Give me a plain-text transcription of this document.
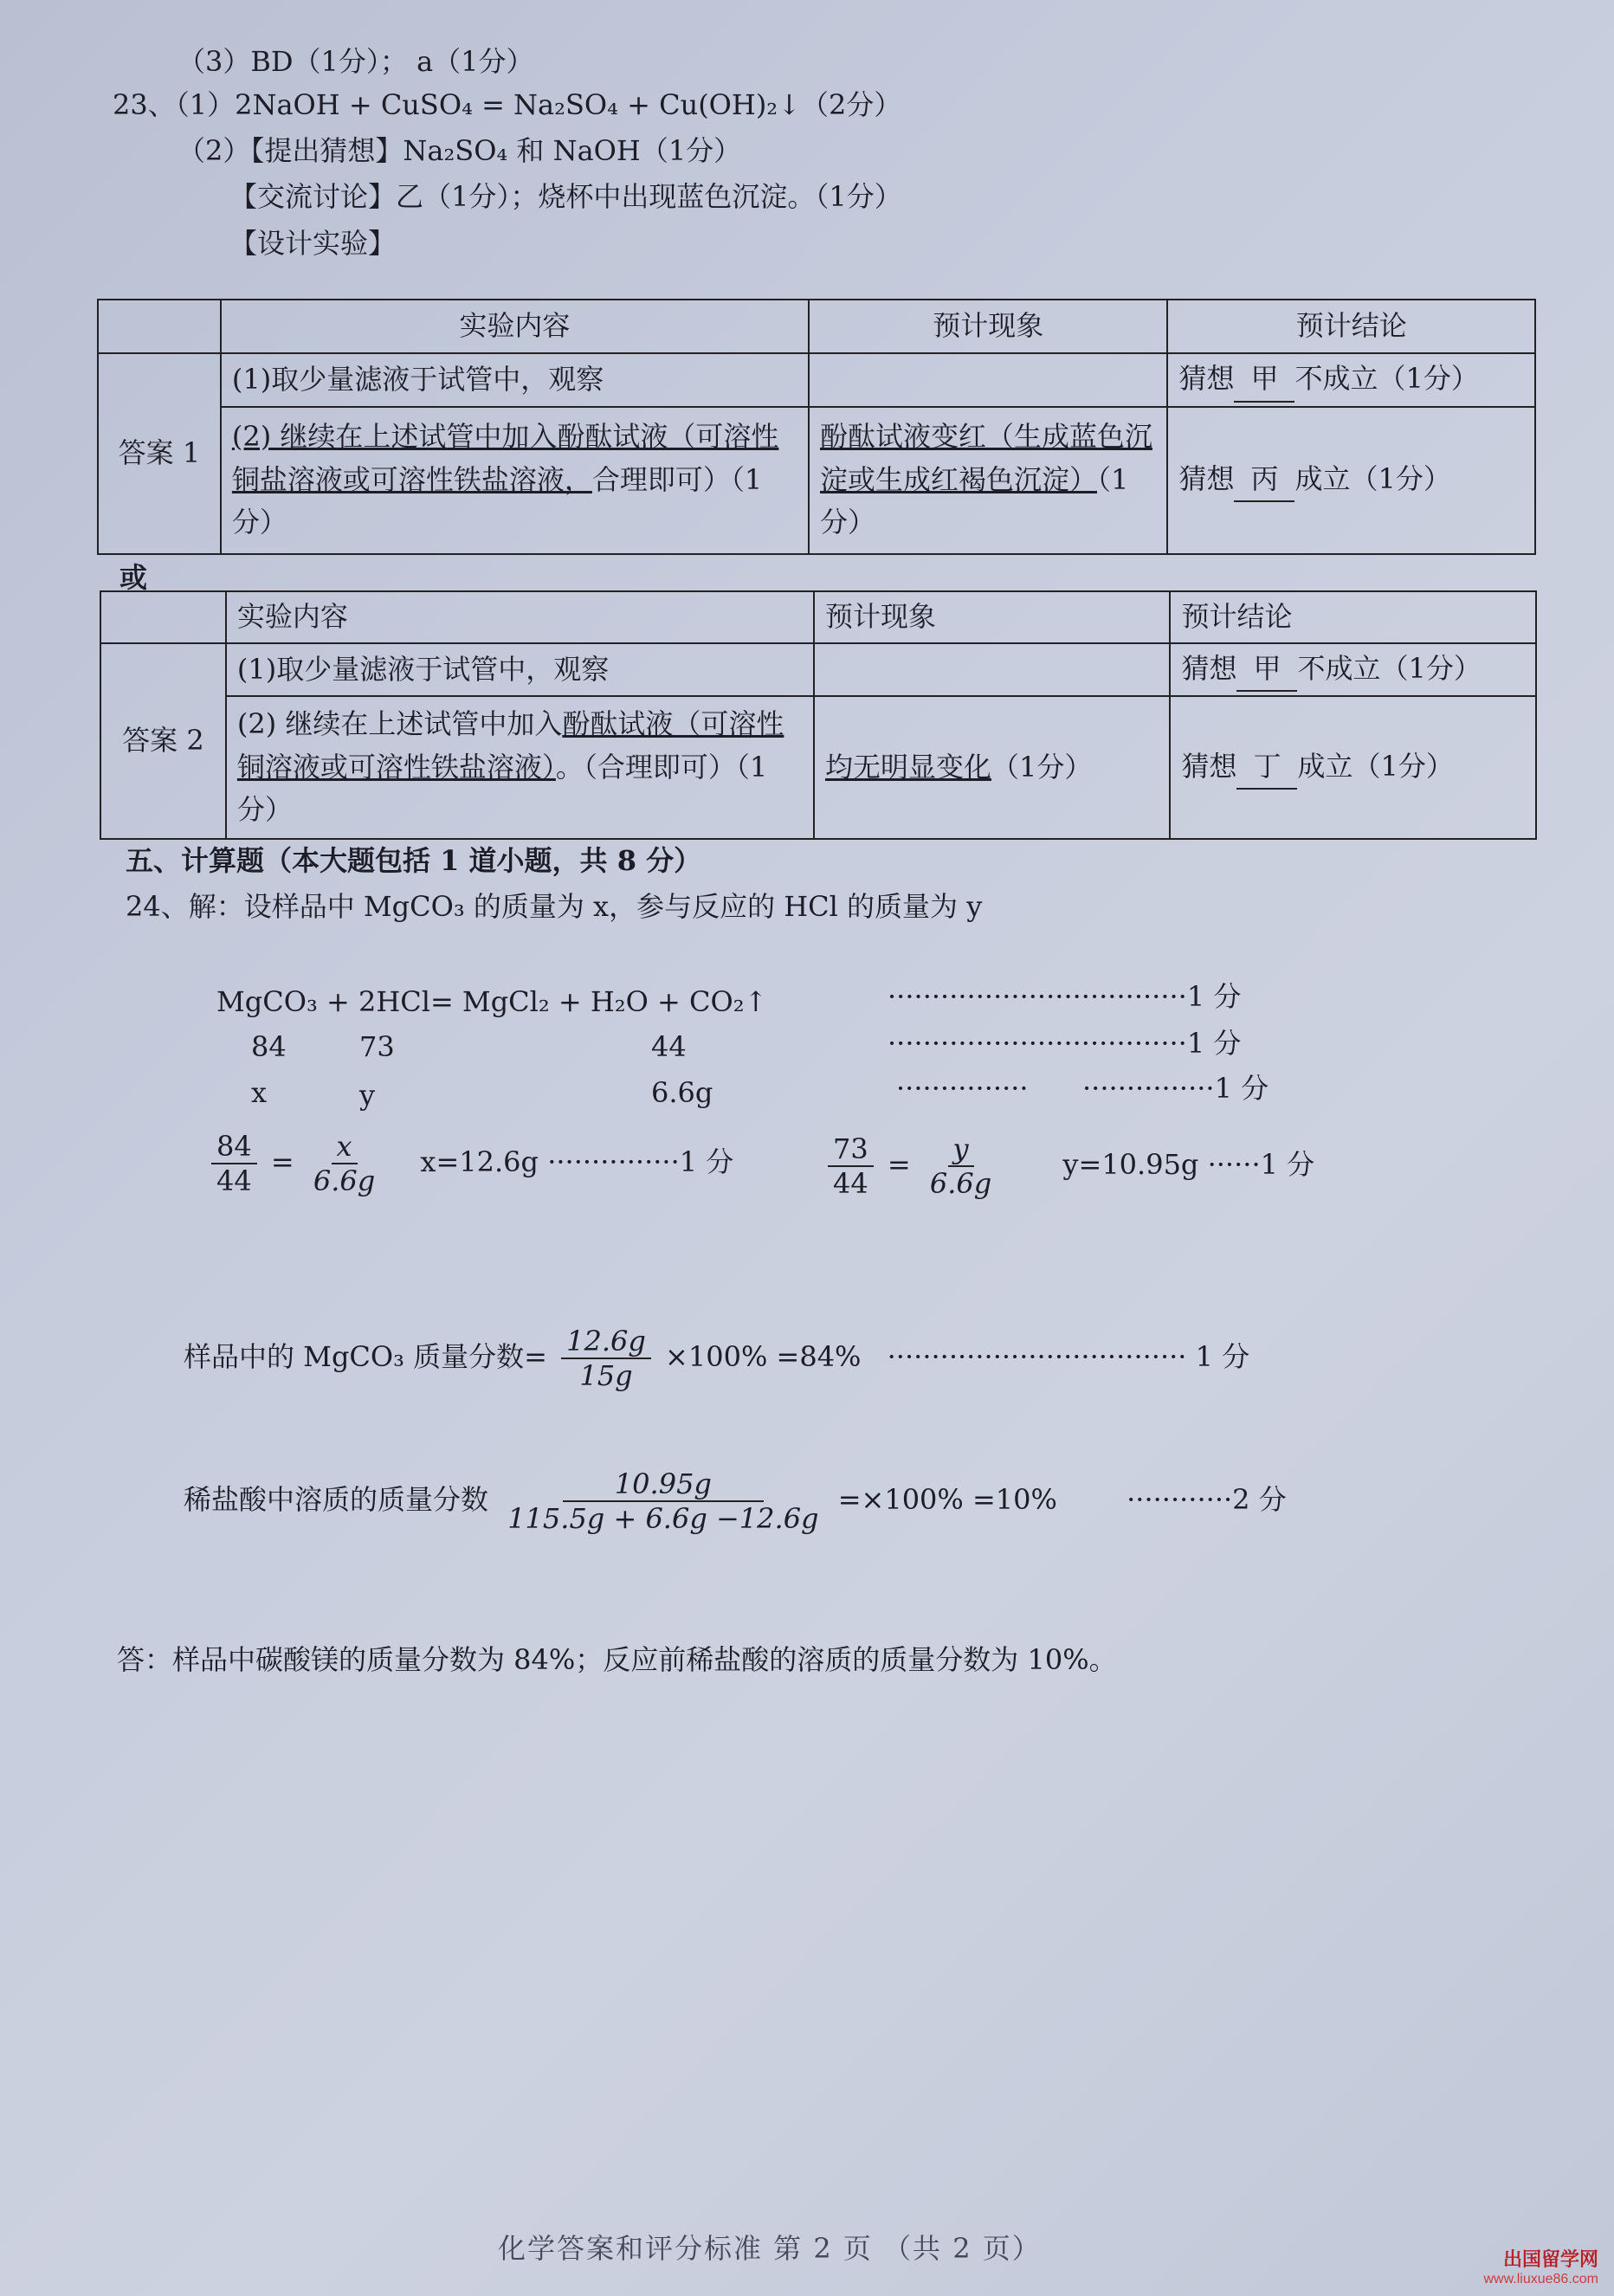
（3）BD（1分）； a（1分）
23、（1）2NaOH + CuSO₄ = Na₂SO₄ + Cu(OH)₂↓（2分）
（2）【提出猜想】Na₂SO₄ 和 NaOH（1分）
【交流讨论】乙（1分）；烧杯中出现蓝色沉淀。（1分）
【设计实验】
	实验内容	预计现象	预计结论
答案 1	(1)取少量滤液于试管中，观察		猜想 甲 不成立（1分）
	(2) 继续在上述试管中加入酚酞试液（可溶性铜盐溶液或可溶性铁盐溶液，合理即可）（1分）	酚酞试液变红（生成蓝色沉淀或生成红褐色沉淀）（1分）	猜想 丙 成立（1分）
或
	实验内容	预计现象	预计结论
答案 2	(1)取少量滤液于试管中，观察		猜想 甲 不成立（1分）
	(2) 继续在上述试管中加入酚酞试液（可溶性铜溶液或可溶性铁盐溶液）。（合理即可）（1分）	均无明显变化（1分）	猜想 丁 成立（1分）
五、计算题（本大题包括 1 道小题，共 8 分）
24、解：设样品中 MgCO₃ 的质量为 x，参与反应的 HCl 的质量为 y
MgCO₃ + 2HCl= MgCl₂ + H₂O + CO₂↑	··································1 分
84	73	44	··································1 分
x	y	6.6g	··············· ···············1 分
$\frac{84}{44} = \frac{x}{6.6g} x=12.6g \cdot\cdot\cdot\cdot\cdot\cdot\cdot\cdot\cdot\cdot\cdot\cdot\cdot\cdot\cdot 1$ 分	$\frac{73}{44} = \frac{y}{6.6g} y=10.95g \cdot\cdot\cdot\cdot\cdot\cdot 1$ 分
样品中的 MgCO₃ 质量分数= $\frac{12.6g}{15g} \times 100\% =84\%$ ·································· 1 分
稀盐酸中溶质的质量分数 $\frac{10.95g}{115.5g + 6.6g -12.6g} =\times 100\% =10\%$	············2 分
答：样品中碳酸镁的质量分数为 84%；反应前稀盐酸的溶质的质量分数为 10%。
化学答案和评分标准 第 2 页 （共 2 页）	出国留学网
www.liuxue86.com
